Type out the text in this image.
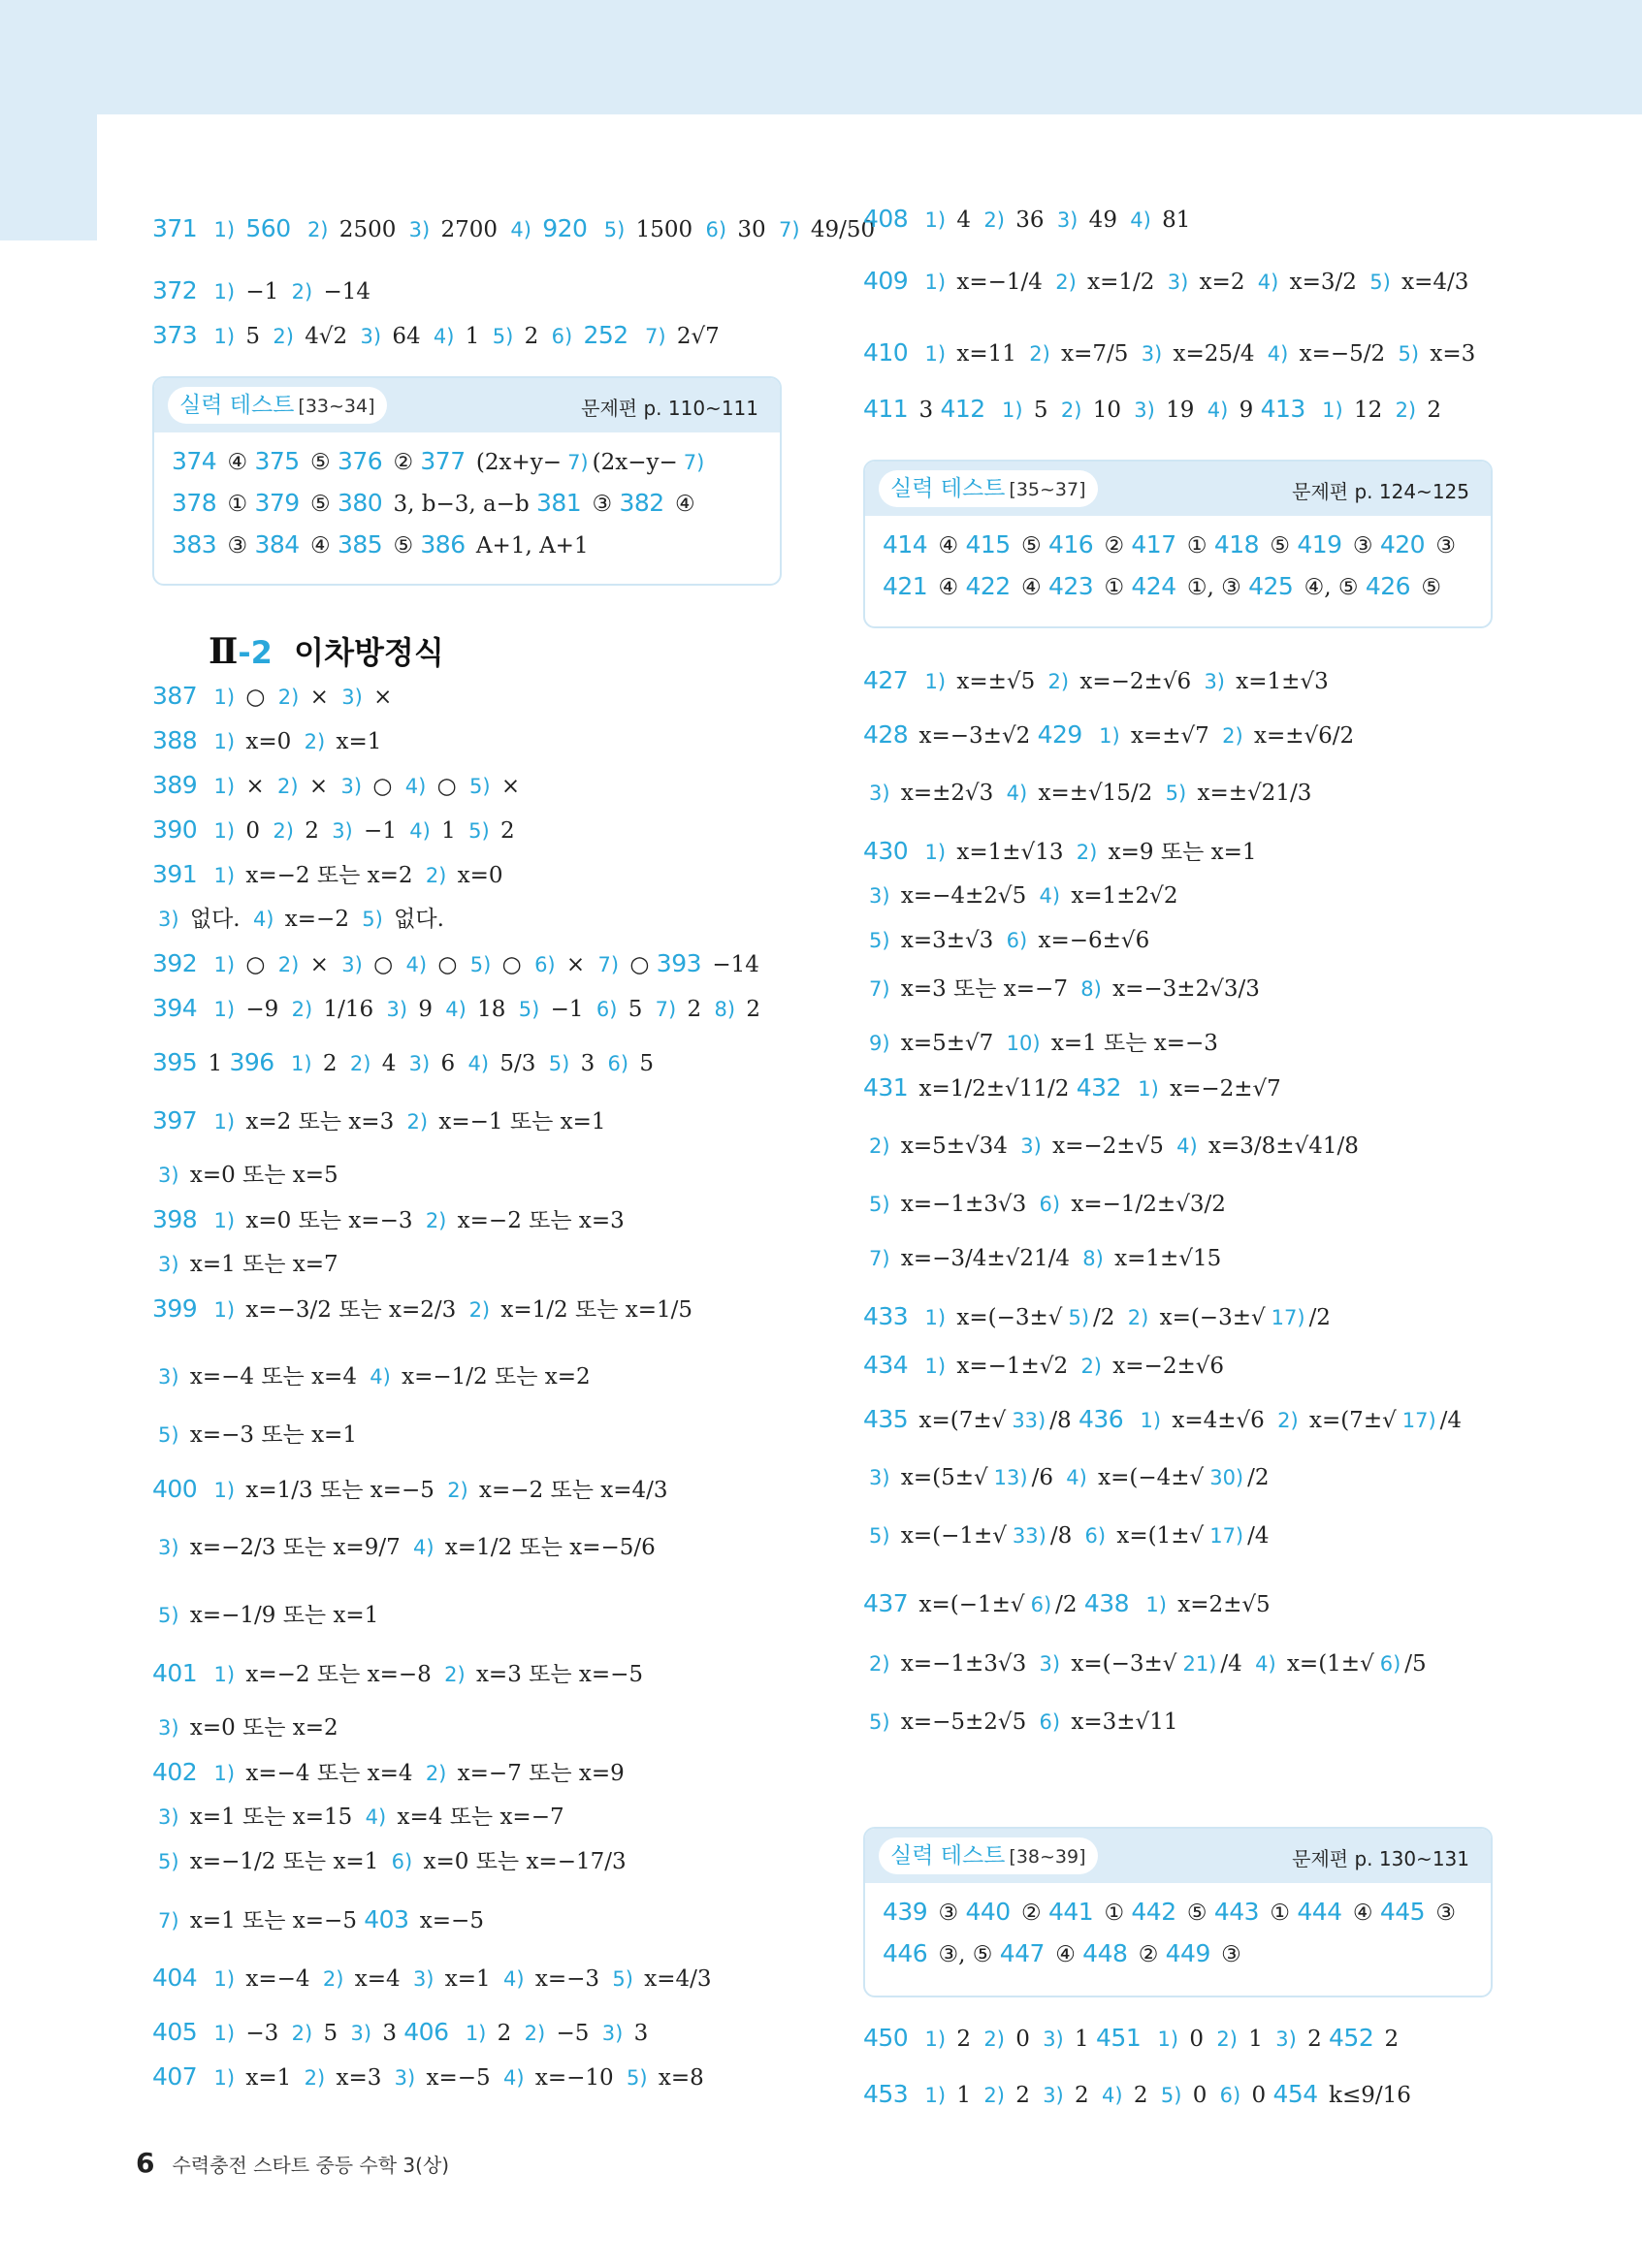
371 1) 560 2) 2500 3) 2700 4) 920 5) 1500 6) 30 7) 49/50
372 1) −1 2) −14
373 1) 5 2) 4√2 3) 64 4) 1 5) 2 6) 252 7) 2√7
실력 테스트 [33~34]	문제편 p. 110~111
374 ④ 375 ⑤ 376 ② 377 (2x+y− 7) (2x−y− 7)
378 ① 379 ⑤ 380 3, b−3, a−b 381 ③ 382 ④
383 ③ 384 ④ 385 ⑤ 386 A+1, A+1
Ⅱ-2 이차방정식
387 1) ○ 2) × 3) ×
388 1) x=0 2) x=1
389 1) × 2) × 3) ○ 4) ○ 5) ×
390 1) 0 2) 2 3) −1 4) 1 5) 2
391 1) x=−2 또는 x=2 2) x=0
3) 없다. 4) x=−2 5) 없다.
392 1) ○ 2) × 3) ○ 4) ○ 5) ○ 6) × 7) ○ 393 −14
394 1) −9 2) 1/16 3) 9 4) 18 5) −1 6) 5 7) 2 8) 2
395 1 396 1) 2 2) 4 3) 6 4) 5/3 5) 3 6) 5
397 1) x=2 또는 x=3 2) x=−1 또는 x=1
3) x=0 또는 x=5
398 1) x=0 또는 x=−3 2) x=−2 또는 x=3
3) x=1 또는 x=7
399 1) x=−3/2 또는 x=2/3 2) x=1/2 또는 x=1/5
3) x=−4 또는 x=4 4) x=−1/2 또는 x=2
5) x=−3 또는 x=1
400 1) x=1/3 또는 x=−5 2) x=−2 또는 x=4/3
3) x=−2/3 또는 x=9/7 4) x=1/2 또는 x=−5/6
5) x=−1/9 또는 x=1
401 1) x=−2 또는 x=−8 2) x=3 또는 x=−5
3) x=0 또는 x=2
402 1) x=−4 또는 x=4 2) x=−7 또는 x=9
3) x=1 또는 x=15 4) x=4 또는 x=−7
5) x=−1/2 또는 x=1 6) x=0 또는 x=−17/3
7) x=1 또는 x=−5 403 x=−5
404 1) x=−4 2) x=4 3) x=1 4) x=−3 5) x=4/3
405 1) −3 2) 5 3) 3 406 1) 2 2) −5 3) 3
407 1) x=1 2) x=3 3) x=−5 4) x=−10 5) x=8
408 1) 4 2) 36 3) 49 4) 81
409 1) x=−1/4 2) x=1/2 3) x=2 4) x=3/2 5) x=4/3
410 1) x=11 2) x=7/5 3) x=25/4 4) x=−5/2 5) x=3
411 3 412 1) 5 2) 10 3) 19 4) 9 413 1) 12 2) 2
실력 테스트 [35~37]	문제편 p. 124~125
414 ④ 415 ⑤ 416 ② 417 ① 418 ⑤ 419 ③ 420 ③
421 ④ 422 ④ 423 ① 424 ①, ③ 425 ④, ⑤ 426 ⑤
427 1) x=±√5 2) x=−2±√6 3) x=1±√3
428 x=−3±√2 429 1) x=±√7 2) x=±√6/2
3) x=±2√3 4) x=±√15/2 5) x=±√21/3
430 1) x=1±√13 2) x=9 또는 x=1
3) x=−4±2√5 4) x=1±2√2
5) x=3±√3 6) x=−6±√6
7) x=3 또는 x=−7 8) x=−3±2√3/3
9) x=5±√7 10) x=1 또는 x=−3
431 x=1/2±√11/2 432 1) x=−2±√7
2) x=5±√34 3) x=−2±√5 4) x=3/8±√41/8
5) x=−1±3√3 6) x=−1/2±√3/2
7) x=−3/4±√21/4 8) x=1±√15
433 1) x=(−3±√ 5) /2 2) x=(−3±√ 17) /2
434 1) x=−1±√2 2) x=−2±√6
435 x=(7±√ 33) /8 436 1) x=4±√6 2) x=(7±√ 17) /4
3) x=(5±√ 13) /6 4) x=(−4±√ 30) /2
5) x=(−1±√ 33) /8 6) x=(1±√ 17) /4
437 x=(−1±√ 6) /2 438 1) x=2±√5
2) x=−1±3√3 3) x=(−3±√ 21) /4 4) x=(1±√ 6) /5
5) x=−5±2√5 6) x=3±√11
실력 테스트 [38~39]	문제편 p. 130~131
439 ③ 440 ② 441 ① 442 ⑤ 443 ① 444 ④ 445 ③
446 ③, ⑤ 447 ④ 448 ② 449 ③
450 1) 2 2) 0 3) 1 451 1) 0 2) 1 3) 2 452 2
453 1) 1 2) 2 3) 2 4) 2 5) 0 6) 0 454 k≤9/16
6 수력충전 스타트 중등 수학 3(상)
